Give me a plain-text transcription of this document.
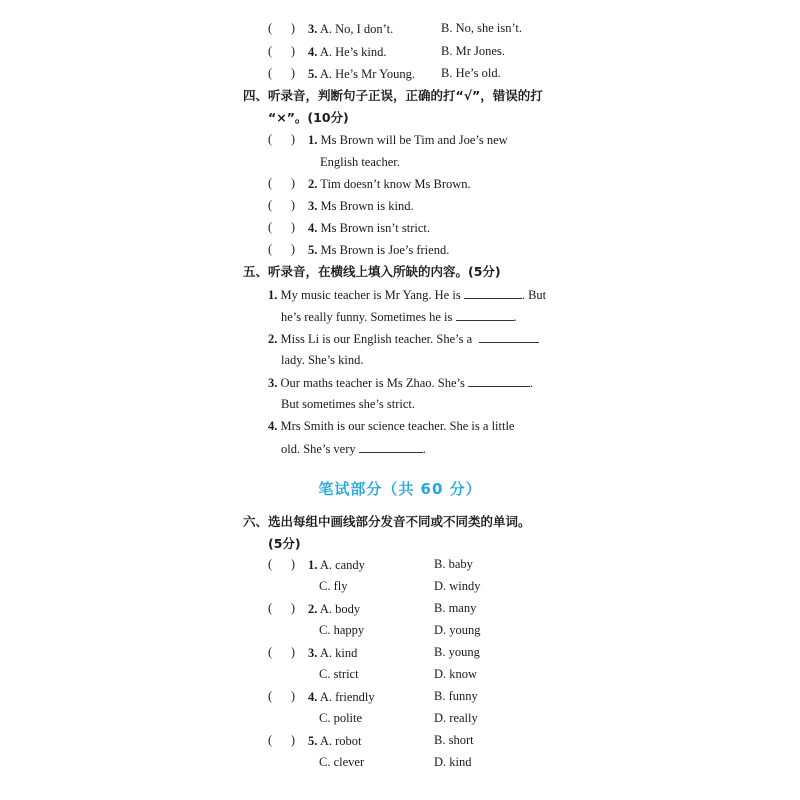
(      ) 3. A. No, I don’t.	B. No, she isn’t.
(      ) 4. A. He’s kind.	B. Mr Jones.
(      ) 5. A. He’s Mr Young. B. He’s old.
四、听录音，判断句子正误，正确的打“√”，错误的打
“×”。(10分)
(      ) 1. Ms Brown will be Tim and Joe’s new
English teacher.
(      ) 2. Tim doesn’t know Ms Brown.
(      ) 3. Ms Brown is kind.
(      ) 4. Ms Brown isn’t strict.
(      ) 5. Ms Brown is Joe’s friend.
五、听录音，在横线上填入所缺的内容。(5分)
1. My music teacher is Mr Yang. He is	. But
he’s really funny. Sometimes he is	.
2. Miss Li is our English teacher. She’s a
lady. She’s kind.
3. Our maths teacher is Ms Zhao. She’s	.
But sometimes she’s strict.
4. Mrs Smith is our science teacher. She is a little
old. She’s very	.
笔试部分（共 60 分）
六、选出每组中画线部分发音不同或不同类的单词。
(5分)
(      ) 1. A. candy	B. baby
C. fly	D. windy
(      ) 2. A. body	B. many
C. happy	D. young
(      ) 3. A. kind	B. young
C. strict	D. know
(      ) 4. A. friendly	B. funny
C. polite	D. really
(      ) 5. A. robot	B. short
C. clever	D. kind
